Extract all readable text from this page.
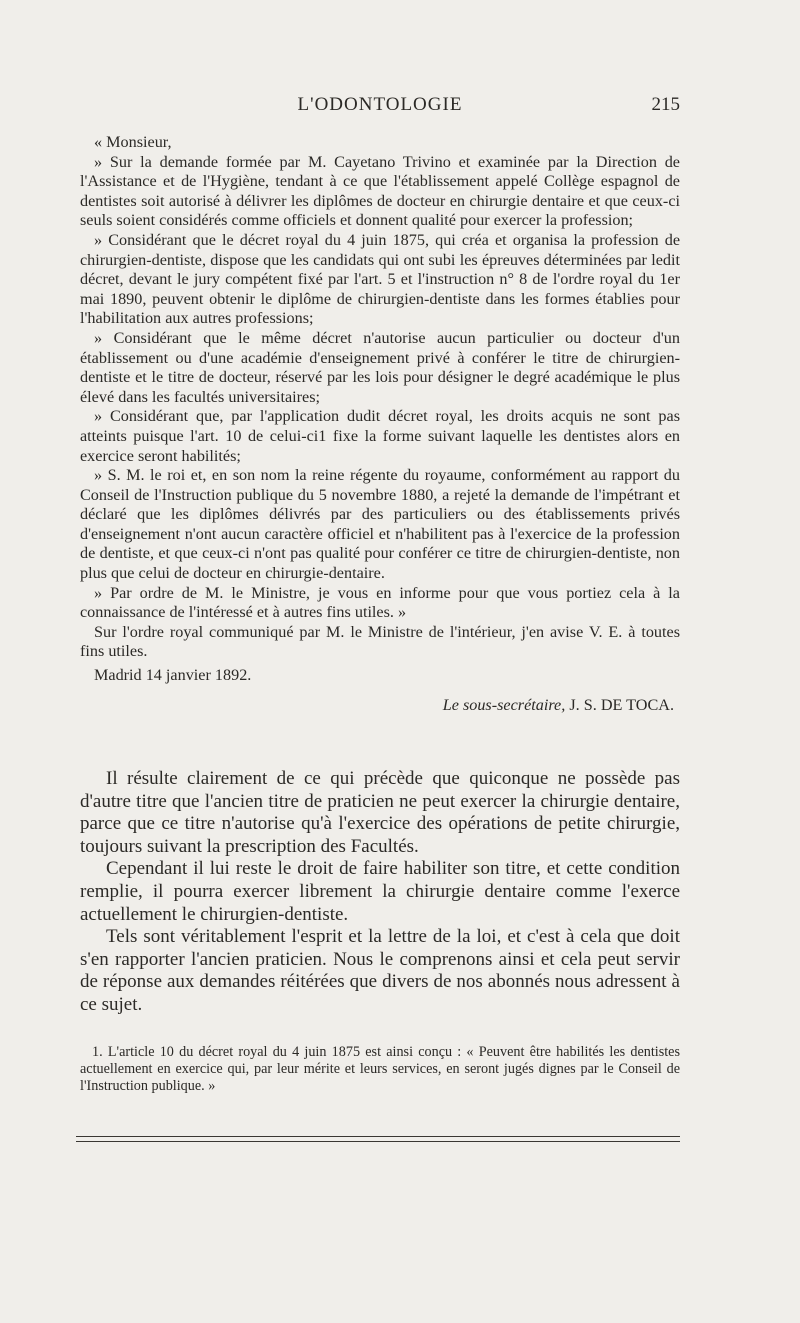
L'ODONTOLOGIE	215

« Monsieur,

» Sur la demande formée par M. Cayetano Trivino et examinée par la Direction de l'Assistance et de l'Hygiène, tendant à ce que l'établissement appelé Collège espagnol de dentistes soit autorisé à délivrer les diplômes de docteur en chirurgie dentaire et que ceux-ci seuls soient considérés comme officiels et donnent qualité pour exercer la profession;

» Considérant que le décret royal du 4 juin 1875, qui créa et organisa la profession de chirurgien-dentiste, dispose que les candidats qui ont subi les épreuves déterminées par ledit décret, devant le jury compétent fixé par l'art. 5 et l'instruction n° 8 de l'ordre royal du 1er mai 1890, peuvent obtenir le diplôme de chirurgien-dentiste dans les formes établies pour l'habilitation aux autres professions;

» Considérant que le même décret n'autorise aucun particulier ou docteur d'un établissement ou d'une académie d'enseignement privé à conférer le titre de chirurgien-dentiste et le titre de docteur, réservé par les lois pour désigner le degré académique le plus élevé dans les facultés universitaires;

» Considérant que, par l'application dudit décret royal, les droits acquis ne sont pas atteints puisque l'art. 10 de celui-ci1 fixe la forme suivant laquelle les dentistes alors en exercice seront habilités;

» S. M. le roi et, en son nom la reine régente du royaume, conformément au rapport du Conseil de l'Instruction publique du 5 novembre 1880, a rejeté la demande de l'impétrant et déclaré que les diplômes délivrés par des particuliers ou des établissements privés d'enseignement n'ont aucun caractère officiel et n'habilitent pas à l'exercice de la profession de dentiste, et que ceux-ci n'ont pas qualité pour conférer ce titre de chirurgien-dentiste, non plus que celui de docteur en chirurgie-dentaire.

» Par ordre de M. le Ministre, je vous en informe pour que vous portiez cela à la connaissance de l'intéressé et à autres fins utiles. »

Sur l'ordre royal communiqué par M. le Ministre de l'intérieur, j'en avise V. E. à toutes fins utiles.

Madrid 14 janvier 1892.

Le sous-secrétaire, J. S. DE TOCA.

Il résulte clairement de ce qui précède que quiconque ne possède pas d'autre titre que l'ancien titre de praticien ne peut exercer la chirurgie dentaire, parce que ce titre n'autorise qu'à l'exercice des opérations de petite chirurgie, toujours suivant la prescription des Facultés.

Cependant il lui reste le droit de faire habiliter son titre, et cette condition remplie, il pourra exercer librement la chirurgie dentaire comme l'exerce actuellement le chirurgien-dentiste.

Tels sont véritablement l'esprit et la lettre de la loi, et c'est à cela que doit s'en rapporter l'ancien praticien. Nous le comprenons ainsi et cela peut servir de réponse aux demandes réitérées que divers de nos abonnés nous adressent à ce sujet.

1. L'article 10 du décret royal du 4 juin 1875 est ainsi conçu : « Peuvent être habilités les dentistes actuellement en exercice qui, par leur mérite et leurs services, en seront jugés dignes par le Conseil de l'Instruction publique. »
